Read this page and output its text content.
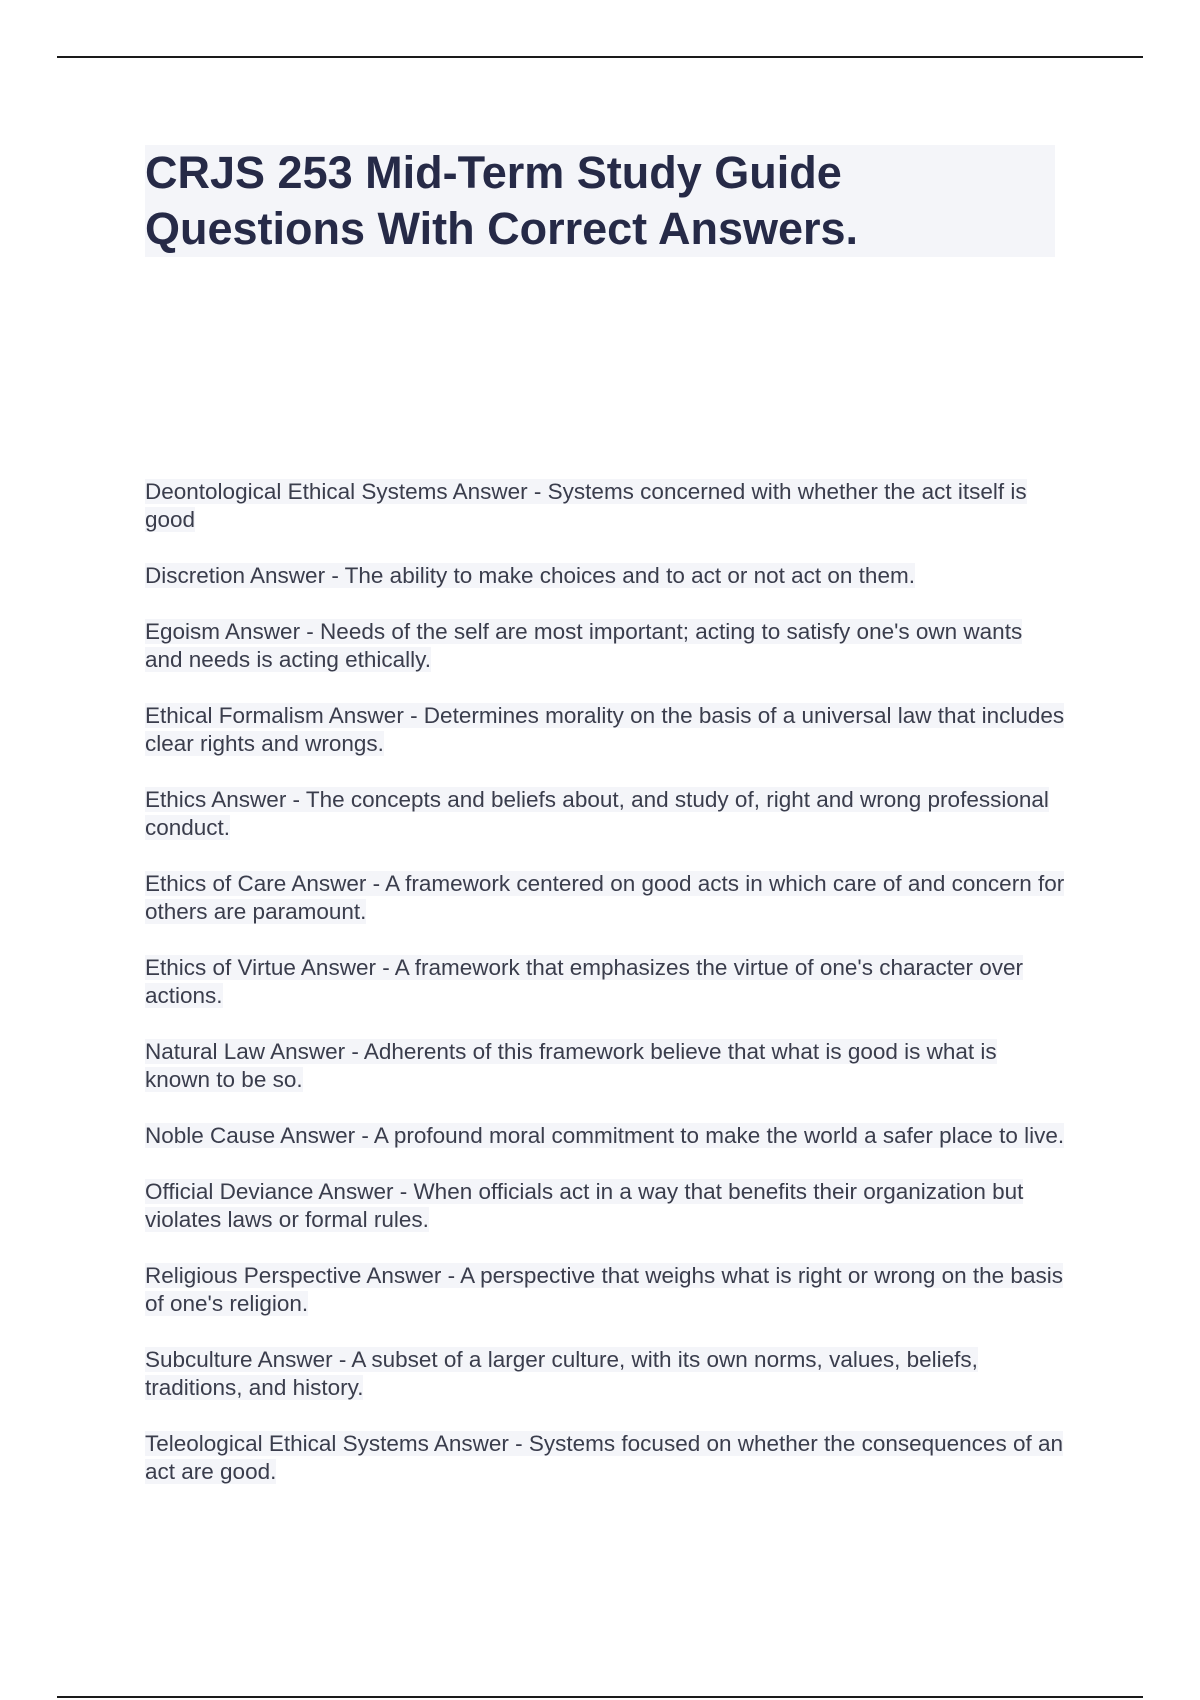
CRJS 253 Mid-Term Study Guide Questions With Correct Answers.
Deontological Ethical Systems Answer - Systems concerned with whether the act itself is good
Discretion Answer - The ability to make choices and to act or not act on them.
Egoism Answer - Needs of the self are most important; acting to satisfy one's own wants and needs is acting ethically.
Ethical Formalism Answer - Determines morality on the basis of a universal law that includes clear rights and wrongs.
Ethics Answer - The concepts and beliefs about, and study of, right and wrong professional conduct.
Ethics of Care Answer - A framework centered on good acts in which care of and concern for others are paramount.
Ethics of Virtue Answer - A framework that emphasizes the virtue of one's character over actions.
Natural Law Answer - Adherents of this framework believe that what is good is what is known to be so.
Noble Cause Answer - A profound moral commitment to make the world a safer place to live.
Official Deviance Answer - When officials act in a way that benefits their organization but violates laws or formal rules.
Religious Perspective Answer - A perspective that weighs what is right or wrong on the basis of one's religion.
Subculture Answer - A subset of a larger culture, with its own norms, values, beliefs, traditions, and history.
Teleological Ethical Systems Answer - Systems focused on whether the consequences of an act are good.
